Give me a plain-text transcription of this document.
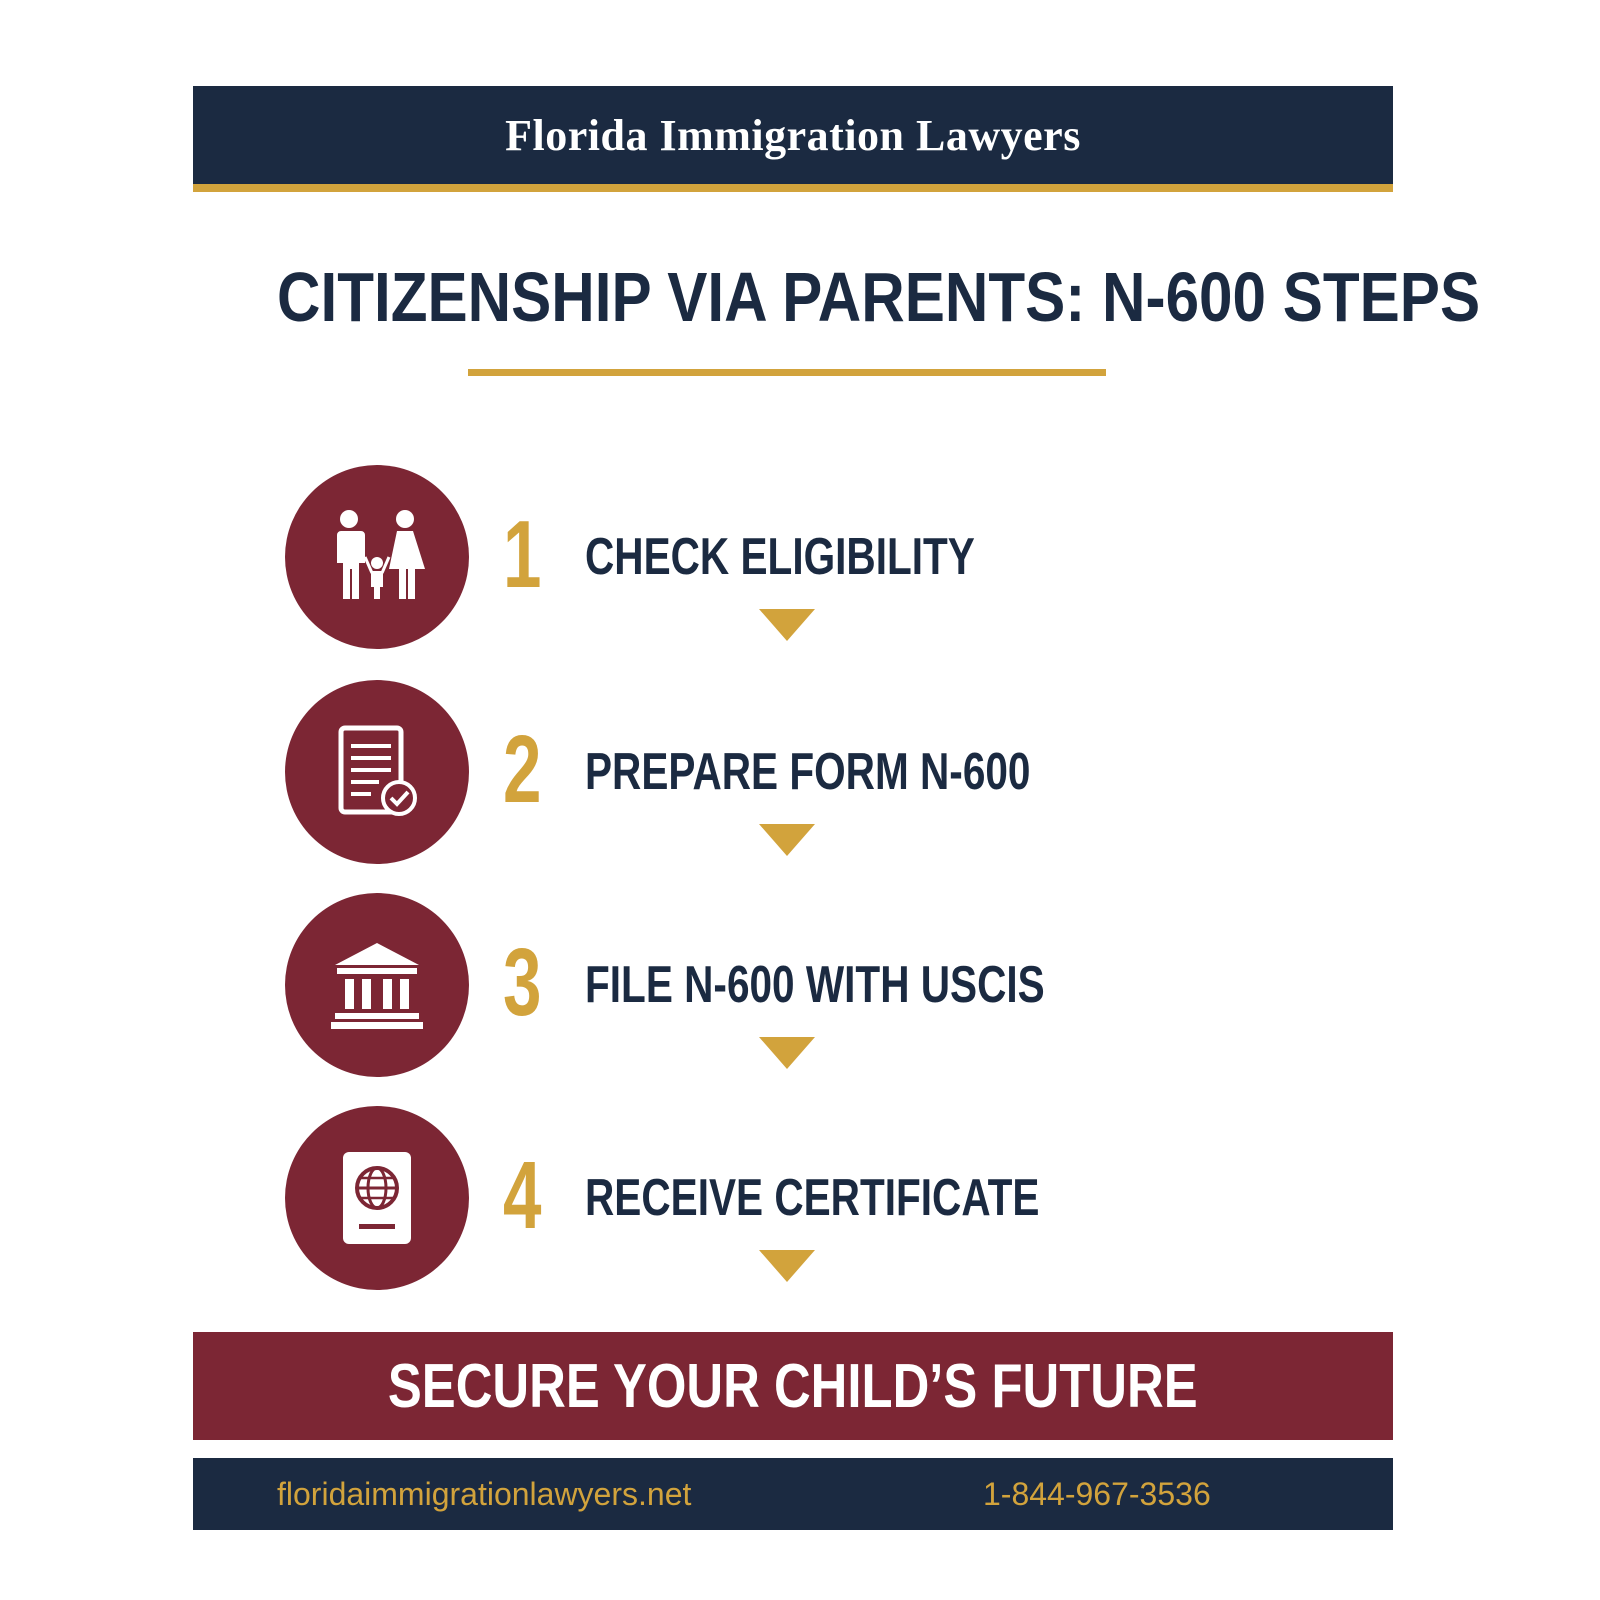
Florida Immigration Lawyers
CITIZENSHIP VIA PARENTS: N-600 STEPS
1 CHECK ELIGIBILITY
2 PREPARE FORM N-600
3 FILE N-600 WITH USCIS
4 RECEIVE CERTIFICATE
SECURE YOUR CHILD’S FUTURE
floridaimmigrationlawyers.net	1-844-967-3536
